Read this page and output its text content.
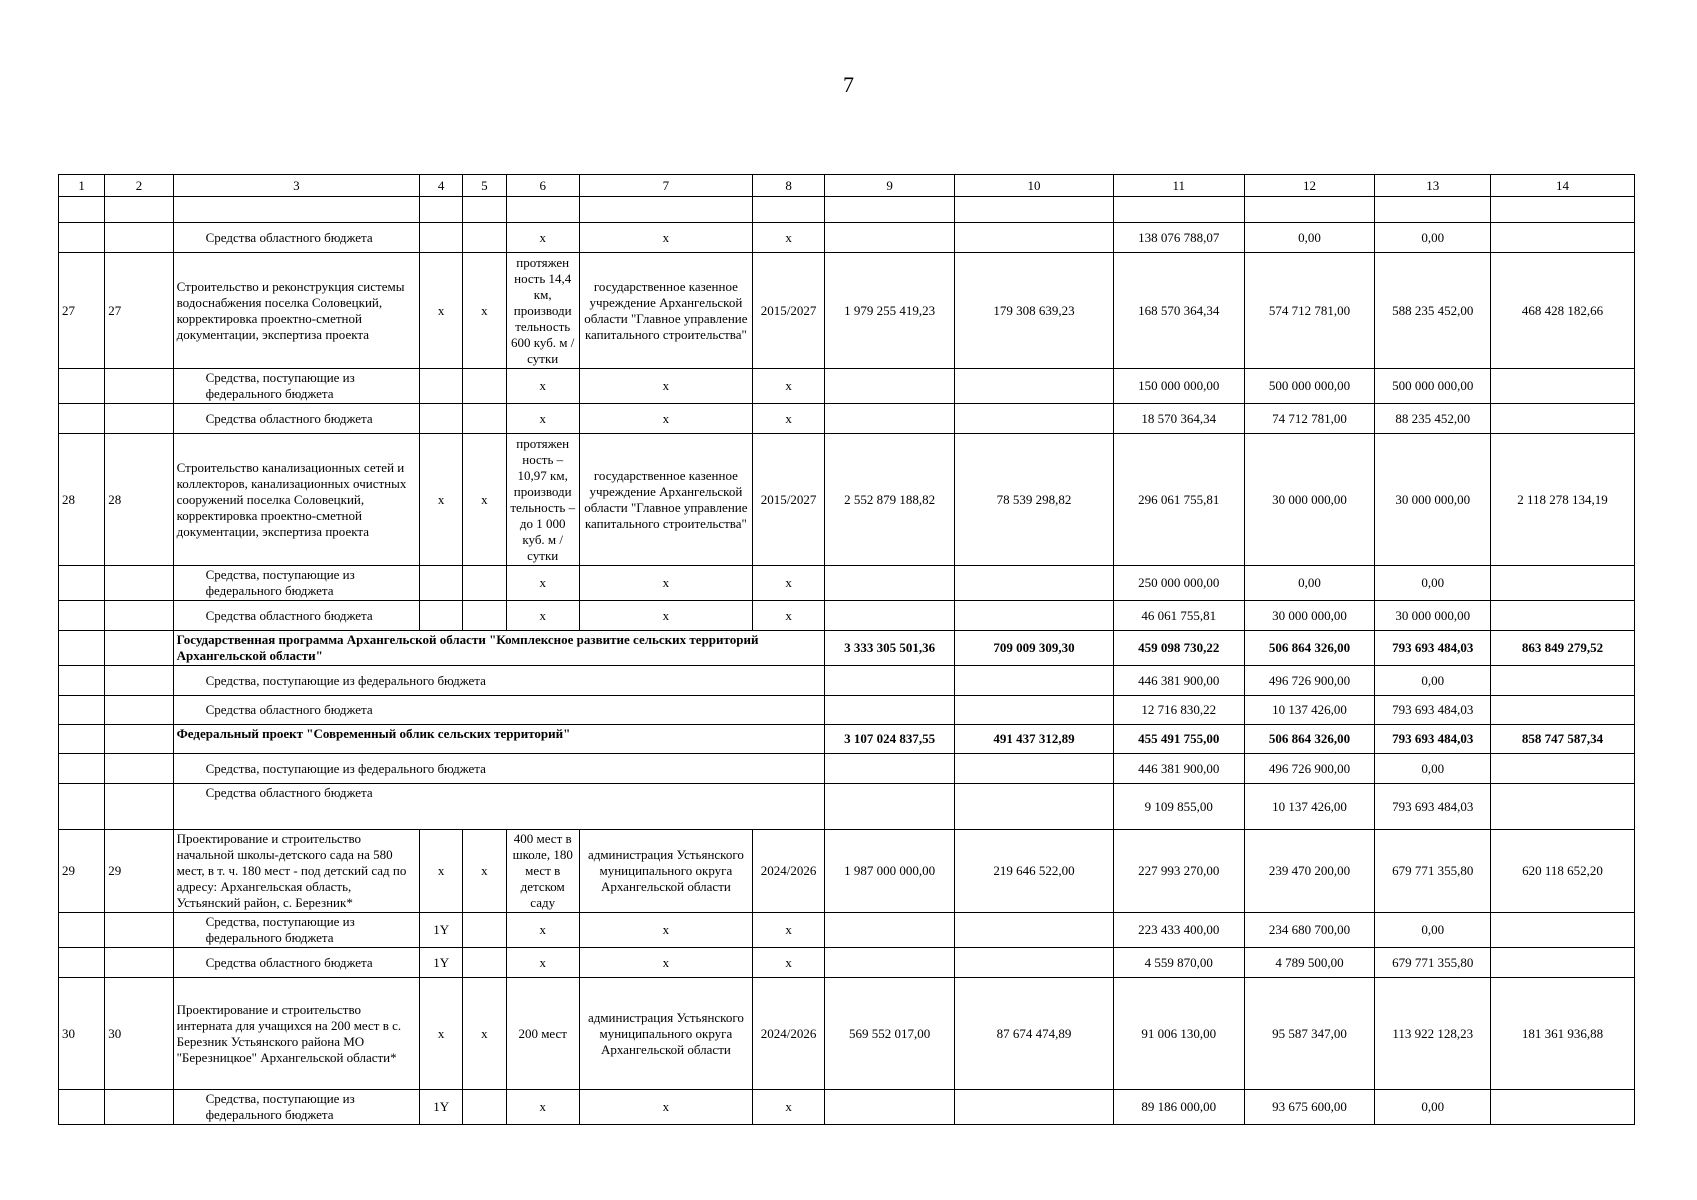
7
1	2	3	4	5	6	7	8	9	10	11	12	13	14

		Средства областного бюджета			х	х	х			138 076 788,07	0,00	0,00	
27	27	Строительство и реконструкция системы водоснабжения поселка Соловецкий, корректировка проектно-сметной документации, экспертиза проекта	х	х	протяжен ность 14,4 км, производи тельность 600 куб. м / сутки	государственное казенное учреждение Архангельской области "Главное управление капитального строительства"	2015/2027	1 979 255 419,23	179 308 639,23	168 570 364,34	574 712 781,00	588 235 452,00	468 428 182,66
		Средства, поступающие из федерального бюджета			х	х	х			150 000 000,00	500 000 000,00	500 000 000,00	
		Средства областного бюджета			х	х	х			18 570 364,34	74 712 781,00	88 235 452,00	
28	28	Строительство канализационных сетей и коллекторов, канализационных очистных сооружений поселка Соловецкий, корректировка проектно-сметной документации, экспертиза проекта	х	х	протяжен ность – 10,97 км, производи тельность – до 1 000 куб. м / сутки	государственное казенное учреждение Архангельской области "Главное управление капитального строительства"	2015/2027	2 552 879 188,82	78 539 298,82	296 061 755,81	30 000 000,00	30 000 000,00	2 118 278 134,19
		Средства, поступающие из федерального бюджета			х	х	х			250 000 000,00	0,00	0,00	
		Средства областного бюджета			х	х	х			46 061 755,81	30 000 000,00	30 000 000,00	
		Государственная программа Архангельской области "Комплексное развитие сельских территорий Архангельской области"						3 333 305 501,36	709 009 309,30	459 098 730,22	506 864 326,00	793 693 484,03	863 849 279,52
		Средства, поступающие из федерального бюджета								446 381 900,00	496 726 900,00	0,00	
		Средства областного бюджета								12 716 830,22	10 137 426,00	793 693 484,03	
		Федеральный проект "Современный облик сельских территорий"						3 107 024 837,55	491 437 312,89	455 491 755,00	506 864 326,00	793 693 484,03	858 747 587,34
		Средства, поступающие из федерального бюджета								446 381 900,00	496 726 900,00	0,00	
		Средства областного бюджета								9 109 855,00	10 137 426,00	793 693 484,03	
29	29	Проектирование и строительство начальной школы-детского сада на 580 мест, в т. ч. 180 мест - под детский сад по адресу: Архангельская область, Устьянский район, с. Березник*	х	х	400 мест в школе, 180 мест в детском саду	администрация Устьянского муниципального округа Архангельской области	2024/2026	1 987 000 000,00	219 646 522,00	227 993 270,00	239 470 200,00	679 771 355,80	620 118 652,20
		Средства, поступающие из федерального бюджета	1Y		х	х	х			223 433 400,00	234 680 700,00	0,00	
		Средства областного бюджета	1Y		х	х	х			4 559 870,00	4 789 500,00	679 771 355,80	
30	30	Проектирование и строительство интерната для учащихся на 200 мест в с. Березник Устьянского района МО "Березницкое" Архангельской области*	х	х	200 мест	администрация Устьянского муниципального округа Архангельской области	2024/2026	569 552 017,00	87 674 474,89	91 006 130,00	95 587 347,00	113 922 128,23	181 361 936,88
		Средства, поступающие из федерального бюджета	1Y		х	х	х			89 186 000,00	93 675 600,00	0,00	
